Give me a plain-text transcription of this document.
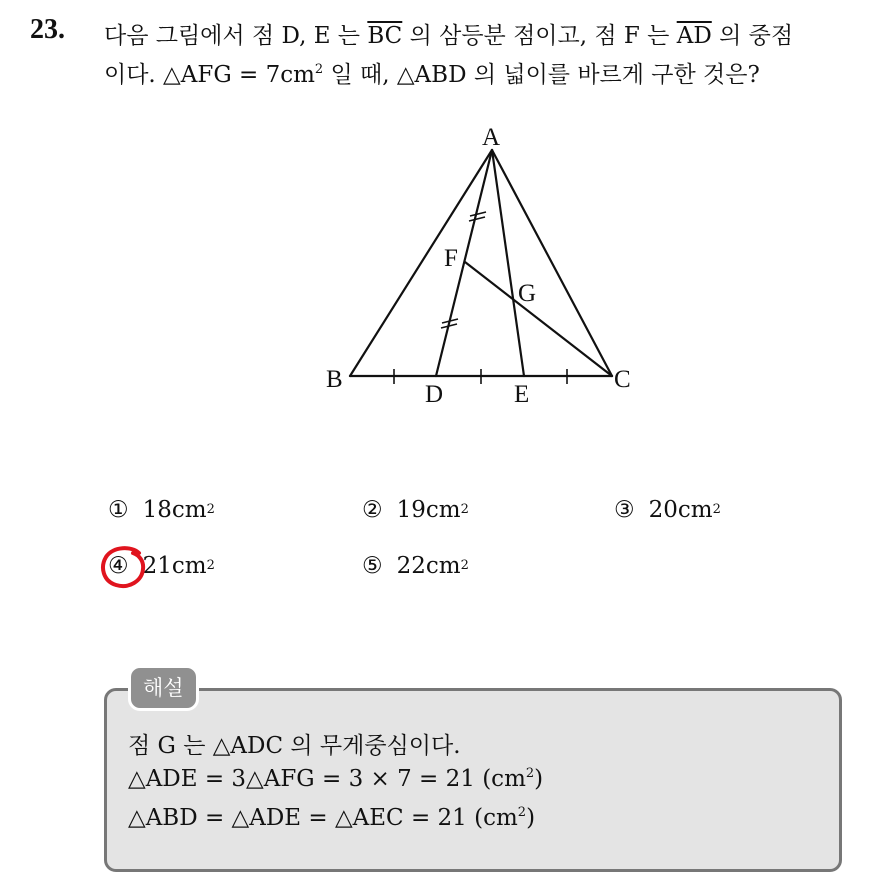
23. 다음 그림에서 점 D, E 는 $\overline{BC}$ 의 삼등분 점이고, 점 F 는 $\overline{AD}$ 의 중점
이다. △AFG = $7cm^2$ 일 때, △ABD 의 넓이를 바르게 구한 것은?
A
B	C
D	E
F
G
① 18cm 2	② 19cm 2	③ 20cm 2
④ 21cm 2	⑤ 22cm 2
해설
점 G 는 △ADC 의 무게중심이다.
△ADE = 3△AFG = 3 × 7 = 21 $(cm^2)$
△ABD = △ADE = △AEC = 21 $(cm^2)$
